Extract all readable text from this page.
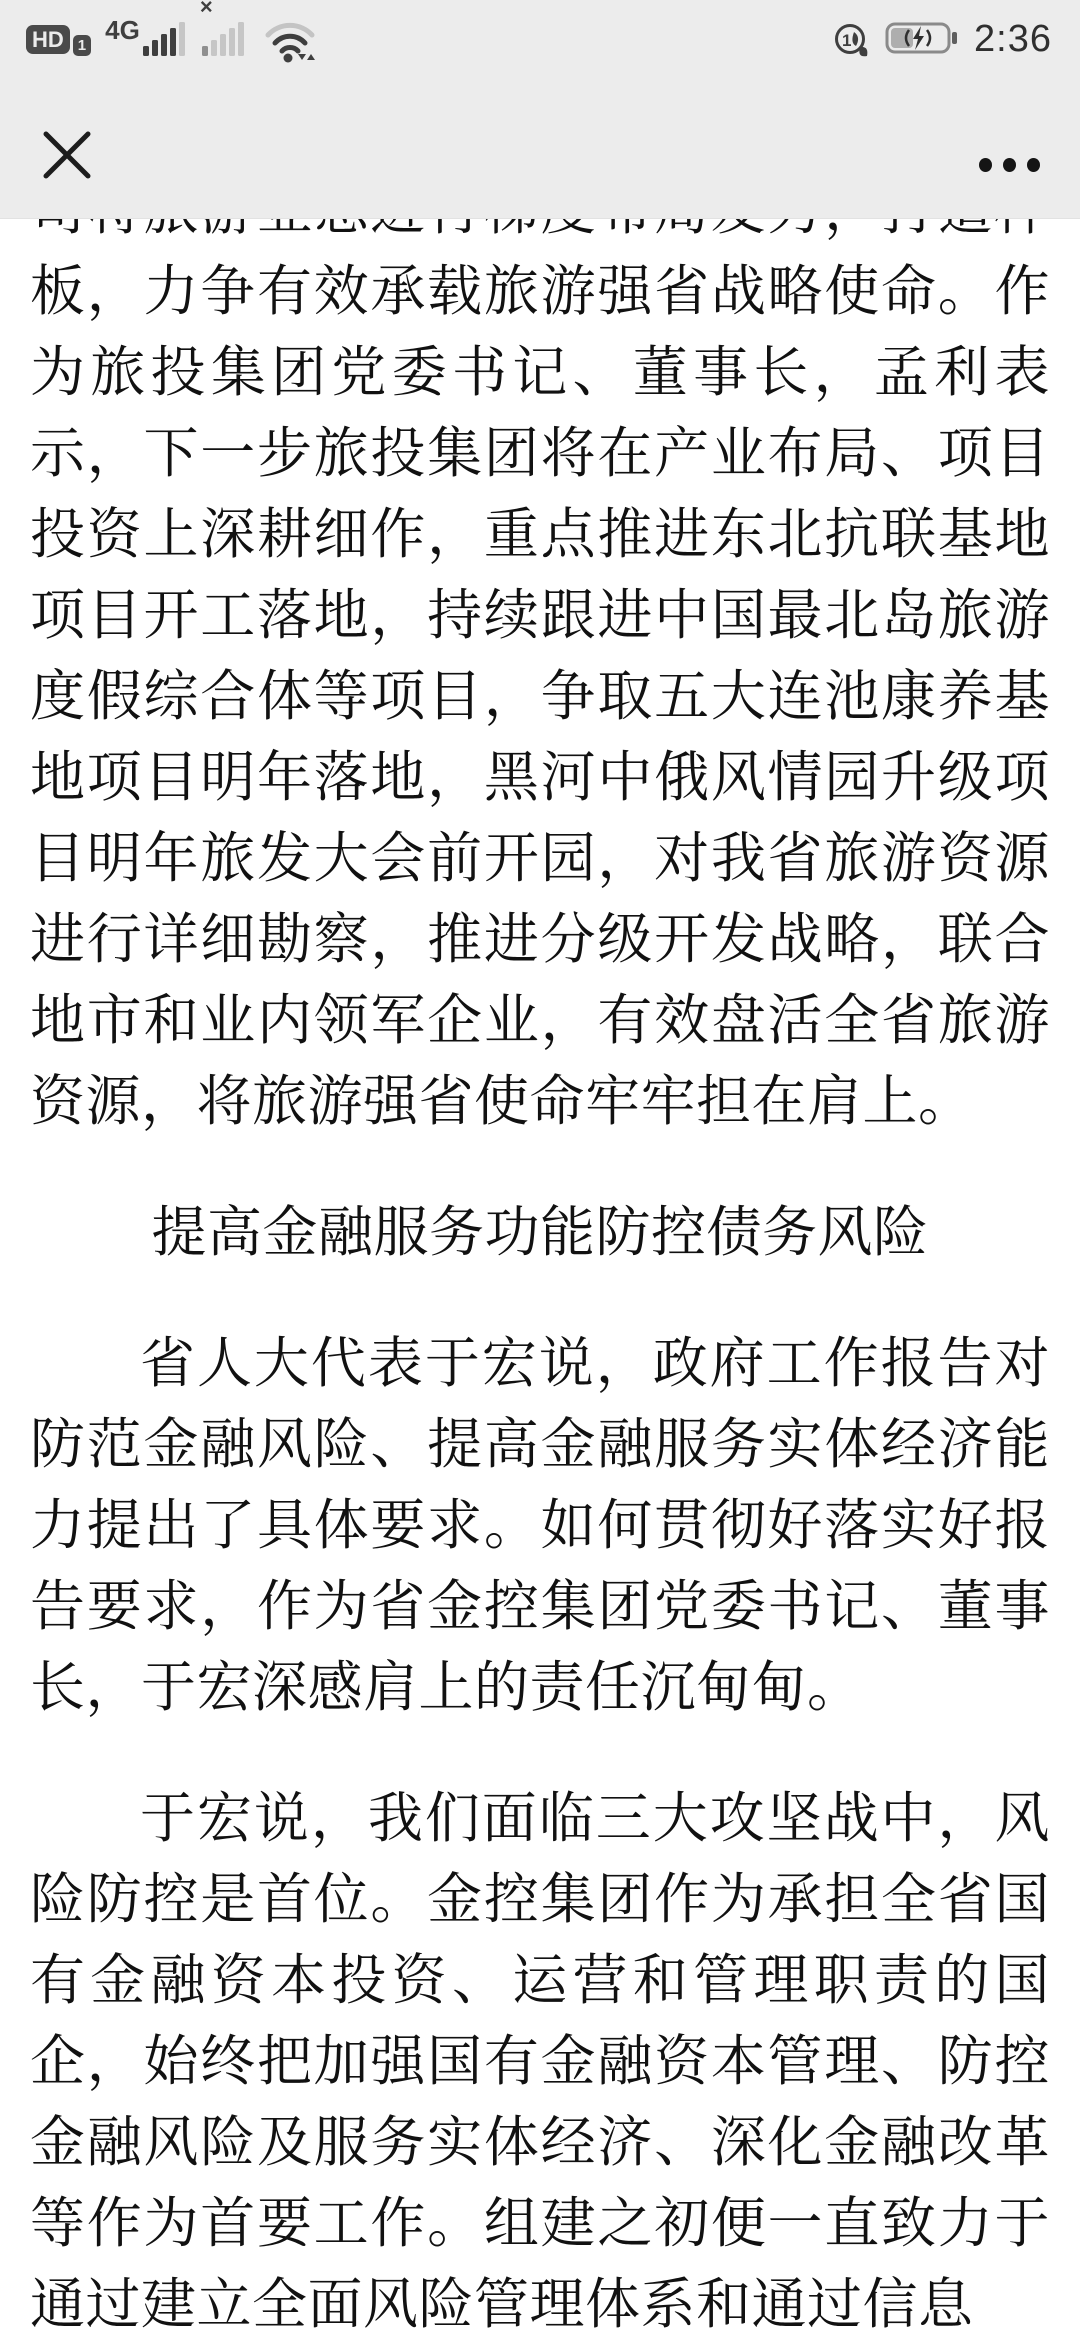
板，力争有效承载旅游强省战略使命。作为旅投集团党委书记、董事长，孟利表示，下一步旅投集团将在产业布局、项目投资上深耕细作，重点推进东北抗联基地项目开工落地，持续跟进中国最北岛旅游度假综合体等项目，争取五大连池康养基地项目明年落地，黑河中俄风情园升级项目明年旅发大会前开园，对我省旅游资源进行详细勘察，推进分级开发战略，联合地市和业内领军企业，有效盘活全省旅游资源，将旅游强省使命牢牢担在肩上。

提高金融服务功能防控债务风险

省人大代表于宏说，政府工作报告对防范金融风险、提高金融服务实体经济能力提出了具体要求。如何贯彻好落实好报告要求，作为省金控集团党委书记、董事长，于宏深感肩上的责任沉甸甸。

于宏说，我们面临三大攻坚战中，风险防控是首位。金控集团作为承担全省国有金融资本投资、运营和管理职责的国企，始终把加强国有金融资本管理、防控金融风险及服务实体经济、深化金融改革等作为首要工作。组建之初便一直致力于通过建立全面风险管理体系和通过信息

HD 1
4G
×
1	2:36
